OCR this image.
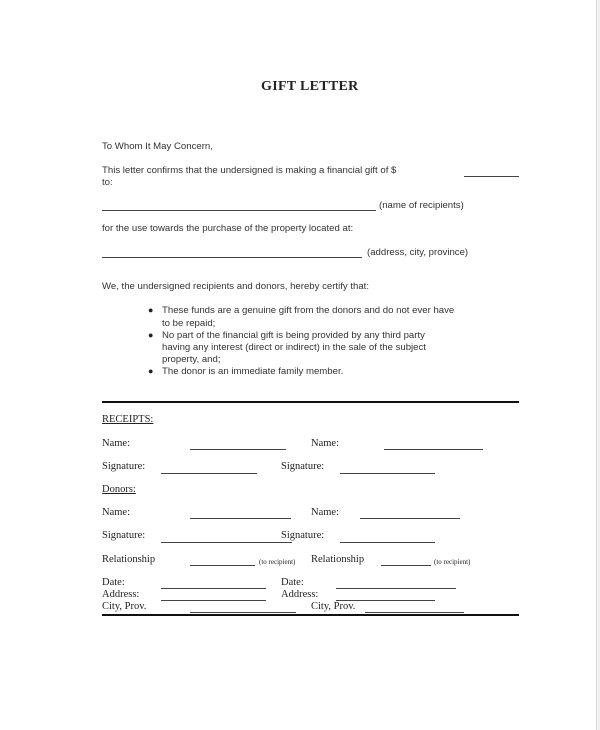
GIFT LETTER
To Whom It May Concern,
This letter confirms that the undersigned is making a financial gift of $
to:
(name of recipients)
for the use towards the purchase of the property located at:
(address, city, province)
We, the undersigned recipients and donors, hereby certify that:
● These funds are a genuine gift from the donors and do not ever have
to be repaid;
● No part of the financial gift is being provided by any third party
having any interest (direct or indirect) in the sale of the subject
property, and;
● The donor is an immediate family member.
RECEIPTS:
Name:	Name:
Signature:	Signature:
Donors:
Name:	Name:
Signature:	Signature:
Relationship	(to recipient) Relationship	(to recipient)
Date:	Date:
Address:	Address:
City, Prov.	City, Prov.
